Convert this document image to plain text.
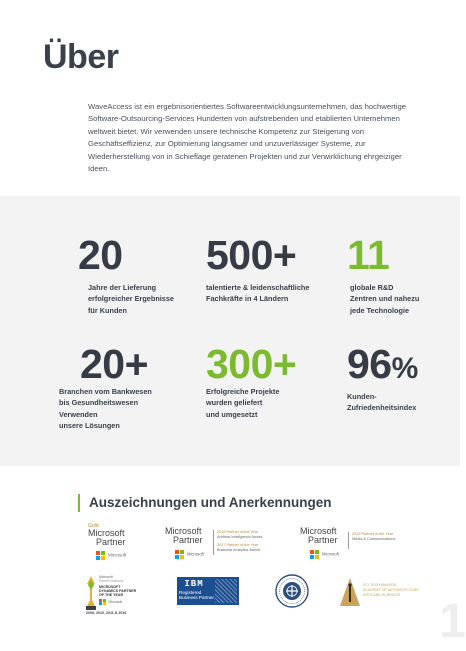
Über

WaveAccess ist ein ergebnisorientiertes Softwareentwicklungsunternehmen, das hochwertige Software-Outsourcing-Services Hunderten von aufstrebenden und etablierten Unternehmen weltweit bietet. Wir verwenden unsere technische Kompetenz zur Steigerung von Geschäftseffizienz, zur Optimierung langsamer und unzuverlässiger Systeme, zur Wiederherstellung von in Schieflage geratenen Projekten und zur Verwirklichung ehrgeiziger Ideen.

20
Jahre der Lieferung
erfolgreicher Ergebnisse
für Kunden
500+
talentierte & leidenschaftliche
Fachkräfte in 4 Ländern
11
globale R&D
Zentren und nahezu
jede Technologie
20+
Branchen vom Bankwesen
bis Gesundheitswesen
Verwenden
unsere Lösungen
300+
Erfolgreiche Projekte
wurden geliefert
und umgesetzt
96%
Kunden-
Zufriedenheitsindex
Auszeichnungen und Anerkennungen
Gold
Microsoft
Partner
Microsoft
Microsoft
Partner
Microsoft
2018 Partner of the Year
Artificial Intelligence Award
2017 Partner of the Year
Business Analytics Award
Microsoft
Partner
Microsoft
2019 Partner of the Year
Media & Communications
Microsoft
Partner Network
MICROSOFT
DYNAMICS PARTNER
OF THE YEAR
Microsoft
2009, 2010, 2011 & 2016
IBM
Registered
Business Partner
SCI-TECH AWARDS
ACADEMY OF MOTION PICTURE
ARTS AND SCIENCES
1
